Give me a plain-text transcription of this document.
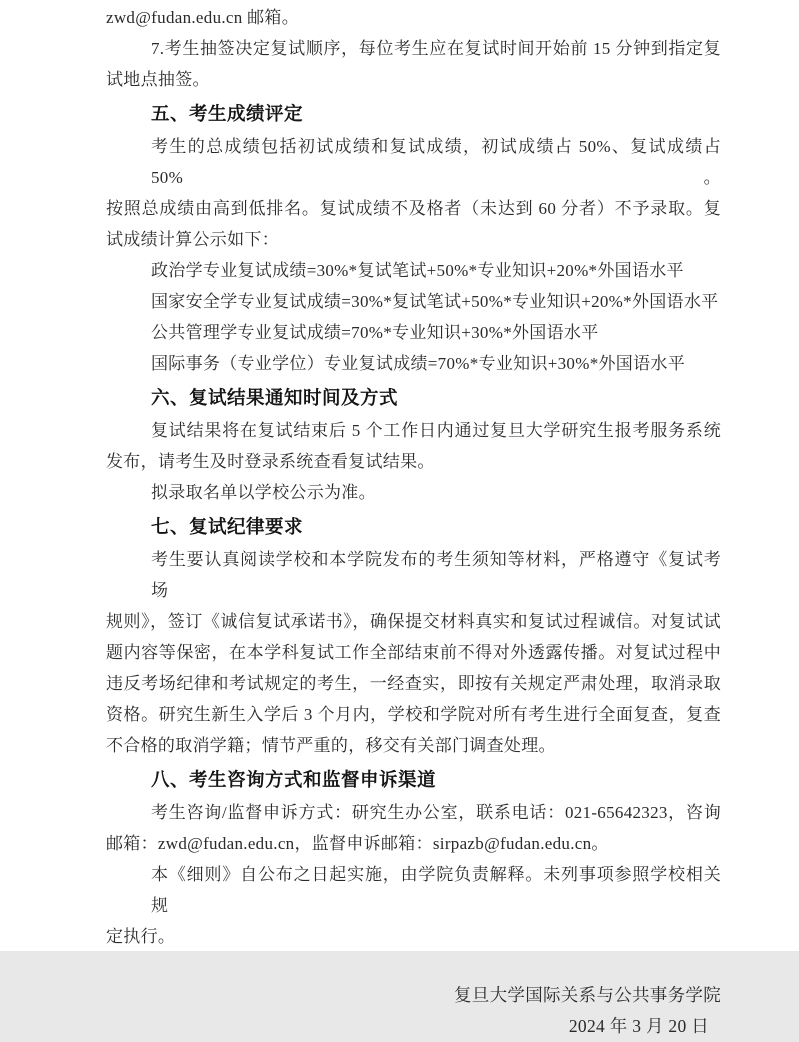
zwd@fudan.edu.cn 邮箱。
7.考生抽签决定复试顺序，每位考生应在复试时间开始前 15 分钟到指定复
试地点抽签。
五、考生成绩评定
考生的总成绩包括初试成绩和复试成绩，初试成绩占 50%、复试成绩占 50%。
按照总成绩由高到低排名。复试成绩不及格者（未达到 60 分者）不予录取。复
试成绩计算公示如下：
政治学专业复试成绩=30%*复试笔试+50%*专业知识+20%*外国语水平
国家安全学专业复试成绩=30%*复试笔试+50%*专业知识+20%*外国语水平
公共管理学专业复试成绩=70%*专业知识+30%*外国语水平
国际事务（专业学位）专业复试成绩=70%*专业知识+30%*外国语水平
六、复试结果通知时间及方式
复试结果将在复试结束后 5 个工作日内通过复旦大学研究生报考服务系统
发布，请考生及时登录系统查看复试结果。
拟录取名单以学校公示为准。
七、复试纪律要求
考生要认真阅读学校和本学院发布的考生须知等材料，严格遵守《复试考场
规则》，签订《诚信复试承诺书》，确保提交材料真实和复试过程诚信。对复试试
题内容等保密，在本学科复试工作全部结束前不得对外透露传播。对复试过程中
违反考场纪律和考试规定的考生，一经查实，即按有关规定严肃处理，取消录取
资格。研究生新生入学后 3 个月内，学校和学院对所有考生进行全面复查，复查
不合格的取消学籍；情节严重的，移交有关部门调查处理。
八、考生咨询方式和监督申诉渠道
考生咨询/监督申诉方式：研究生办公室，联系电话：021-65642323，咨询
邮箱：zwd@fudan.edu.cn，监督申诉邮箱：sirpazb@fudan.edu.cn。
本《细则》自公布之日起实施，由学院负责解释。未列事项参照学校相关规
定执行。
复旦大学国际关系与公共事务学院
2024 年 3 月 20 日
